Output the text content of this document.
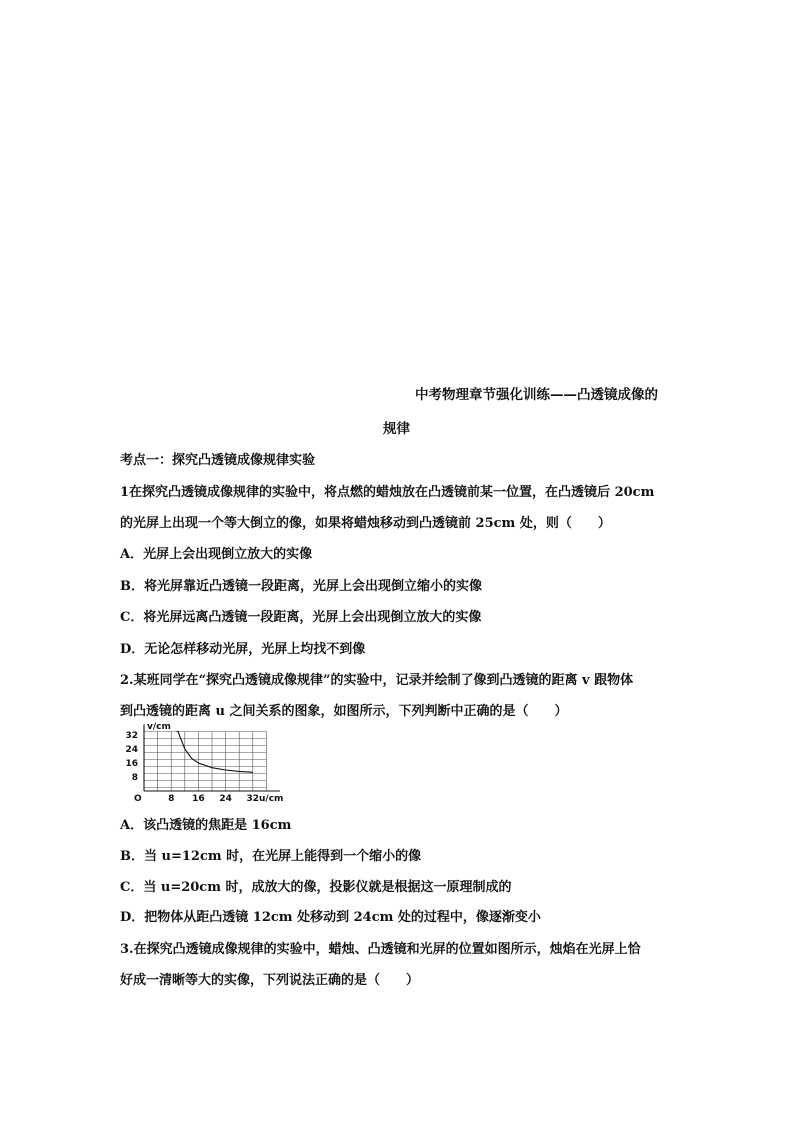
中考物理章节强化训练——凸透镜成像的
规律
考点一：探究凸透镜成像规律实验
1在探究凸透镜成像规律的实验中，将点燃的蜡烛放在凸透镜前某一位置，在凸透镜后 20cm
的光屏上出现一个等大倒立的像，如果将蜡烛移动到凸透镜前 25cm 处，则（　　）
A．光屏上会出现倒立放大的实像
B．将光屏靠近凸透镜一段距离，光屏上会出现倒立缩小的实像
C．将光屏远离凸透镜一段距离，光屏上会出现倒立放大的实像
D．无论怎样移动光屏，光屏上均找不到像
2.某班同学在“探究凸透镜成像规律”的实验中，记录并绘制了像到凸透镜的距离 v 跟物体
到凸透镜的距离 u 之间关系的图象，如图所示，下列判断中正确的是（　　）
v/cm
u/cm
O	8 16 24 32
32
24
16
8
A．该凸透镜的焦距是 16cm
B．当 u=12cm 时，在光屏上能得到一个缩小的像
C．当 u=20cm 时，成放大的像，投影仪就是根据这一原理制成的
D．把物体从距凸透镜 12cm 处移动到 24cm 处的过程中，像逐渐变小
3.在探究凸透镜成像规律的实验中，蜡烛、凸透镜和光屏的位置如图所示，烛焰在光屏上恰
好成一清晰等大的实像，下列说法正确的是（　　）
